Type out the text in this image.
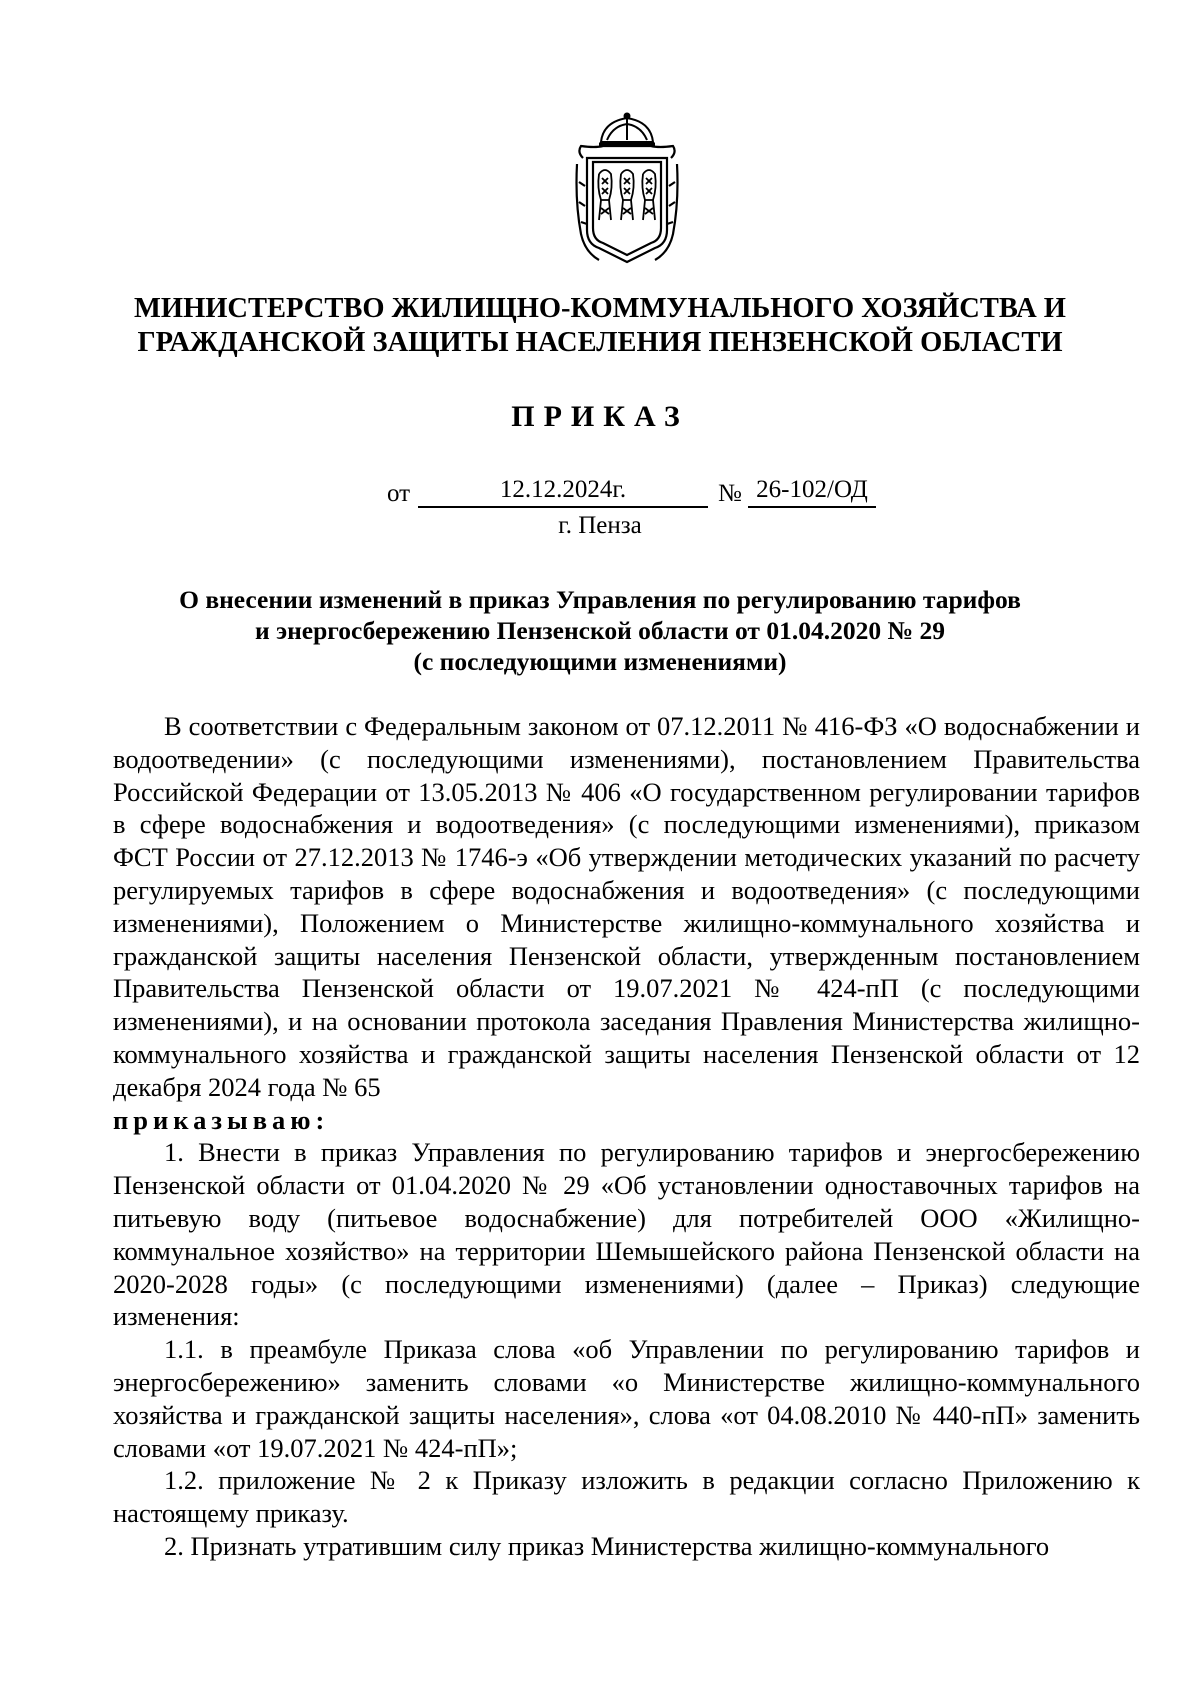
МИНИСТЕРСТВО ЖИЛИЩНО-КОММУНАЛЬНОГО ХОЗЯЙСТВА И
ГРАЖДАНСКОЙ ЗАЩИТЫ НАСЕЛЕНИЯ ПЕНЗЕНСКОЙ ОБЛАСТИ
ПРИКАЗ
от	12.12.2024г.	№ 26-102/ОД
г. Пенза
О внесении изменений в приказ Управления по регулированию тарифов
и энергосбережению Пензенской области от 01.04.2020 № 29
(с последующими изменениями)

В соответствии с Федеральным законом от 07.12.2011 № 416-ФЗ «О водоснабжении и водоотведении» (с последующими изменениями), постановлением Правительства Российской Федерации от 13.05.2013 № 406 «О государственном регулировании тарифов в сфере водоснабжения и водоотведения» (с последующими изменениями), приказом ФСТ России от 27.12.2013 № 1746-э «Об утверждении методических указаний по расчету регулируемых тарифов в сфере водоснабжения и водоотведения» (с последующими изменениями), Положением о Министерстве жилищно-коммунального хозяйства и гражданской защиты населения Пензенской области, утвержденным постановлением Правительства Пензенской области от 19.07.2021 № 424-пП (с последующими изменениями), и на основании протокола заседания Правления Министерства жилищно-коммунального хозяйства и гражданской защиты населения Пензенской области от 12 декабря 2024 года № 65

приказываю:

1. Внести в приказ Управления по регулированию тарифов и энергосбережению Пензенской области от 01.04.2020 № 29 «Об установлении одноставочных тарифов на питьевую воду (питьевое водоснабжение) для потребителей ООО «Жилищно-коммунальное хозяйство» на территории Шемышейского района Пензенской области на 2020-2028 годы» (с последующими изменениями) (далее – Приказ) следующие изменения:

1.1. в преамбуле Приказа слова «об Управлении по регулированию тарифов и энергосбережению» заменить словами «о Министерстве жилищно-коммунального хозяйства и гражданской защиты населения», слова «от 04.08.2010 № 440-пП» заменить словами «от 19.07.2021 № 424-пП»;

1.2. приложение № 2 к Приказу изложить в редакции согласно Приложению к настоящему приказу.

2. Признать утратившим силу приказ Министерства жилищно-коммунального
